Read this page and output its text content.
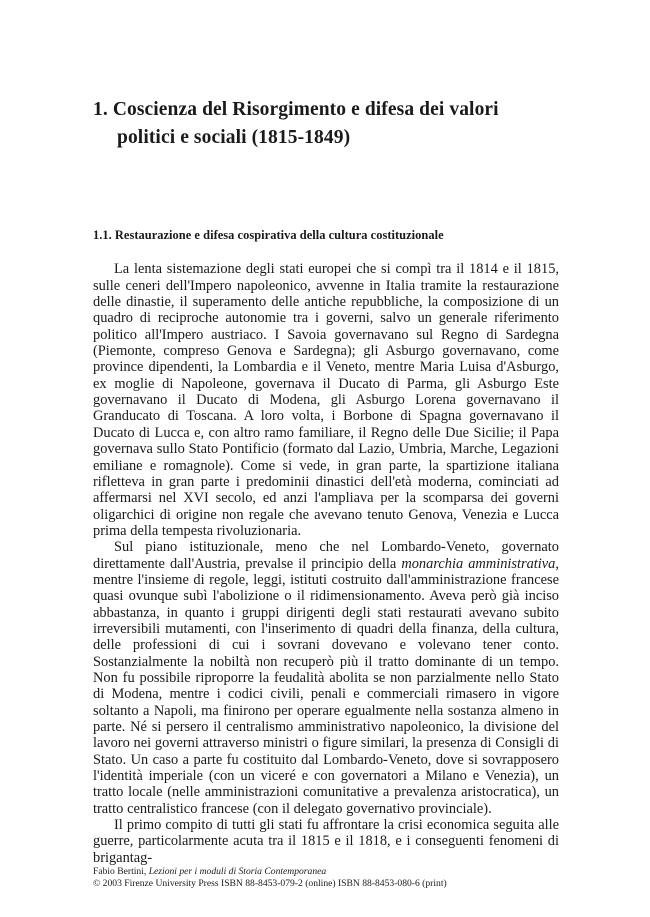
1. Coscienza del Risorgimento e difesa dei valori politici e sociali (1815-1849)
1.1. Restaurazione e difesa cospirativa della cultura costituzionale

La lenta sistemazione degli stati europei che si compì tra il 1814 e il 1815, sulle ceneri dell'Impero napoleonico, avvenne in Italia tramite la restaurazione delle dinastie, il superamento delle antiche repubbliche, la composizione di un quadro di reciproche autonomie tra i governi, salvo un generale riferimento politico all'Impero austriaco. I Savoia governavano sul Regno di Sardegna (Piemonte, compreso Genova e Sardegna); gli Asburgo governavano, come province dipendenti, la Lombardia e il Veneto, mentre Maria Luisa d'Asburgo, ex moglie di Napoleone, governava il Ducato di Parma, gli Asburgo Este governavano il Ducato di Modena, gli Asburgo Lorena governavano il Granducato di Toscana. A loro volta, i Borbone di Spagna governavano il Ducato di Lucca e, con altro ramo familiare, il Regno delle Due Sicilie; il Papa governava sullo Stato Pontificio (formato dal Lazio, Umbria, Marche, Legazioni emiliane e romagnole). Come si vede, in gran parte, la spartizione italiana rifletteva in gran parte i predominii dinastici dell'età moderna, cominciati ad affermarsi nel XVI secolo, ed anzi l'ampliava per la scomparsa dei governi oligarchici di origine non regale che avevano tenuto Genova, Venezia e Lucca prima della tempesta rivoluzionaria.

Sul piano istituzionale, meno che nel Lombardo-Veneto, governato direttamente dall'Austria, prevalse il principio della monarchia amministrativa, mentre l'insieme di regole, leggi, istituti costruito dall'amministrazione francese quasi ovunque subì l'abolizione o il ridimensionamento. Aveva però già inciso abbastanza, in quanto i gruppi dirigenti degli stati restaurati avevano subito irreversibili mutamenti, con l'inserimento di quadri della finanza, della cultura, delle professioni di cui i sovrani dovevano e volevano tener conto. Sostanzialmente la nobiltà non recuperò più il tratto dominante di un tempo. Non fu possibile riproporre la feudalità abolita se non parzialmente nello Stato di Modena, mentre i codici civili, penali e commerciali rimasero in vigore soltanto a Napoli, ma finirono per operare egualmente nella sostanza almeno in parte. Né si persero il centralismo amministrativo napoleonico, la divisione del lavoro nei governi attraverso ministri o figure similari, la presenza di Consigli di Stato. Un caso a parte fu costituito dal Lombardo-Veneto, dove si sovrapposero l'identità imperiale (con un viceré e con governatori a Milano e Venezia), un tratto locale (nelle amministrazioni comunitative a prevalenza aristocratica), un tratto centralistico francese (con il delegato governativo provinciale).

Il primo compito di tutti gli stati fu affrontare la crisi economica seguita alle guerre, particolarmente acuta tra il 1815 e il 1818, e i conseguenti fenomeni di brigantag-

Fabio Bertini, Lezioni per i moduli di Storia Contemporanea
© 2003 Firenze University Press ISBN 88-8453-079-2 (online) ISBN 88-8453-080-6 (print)
